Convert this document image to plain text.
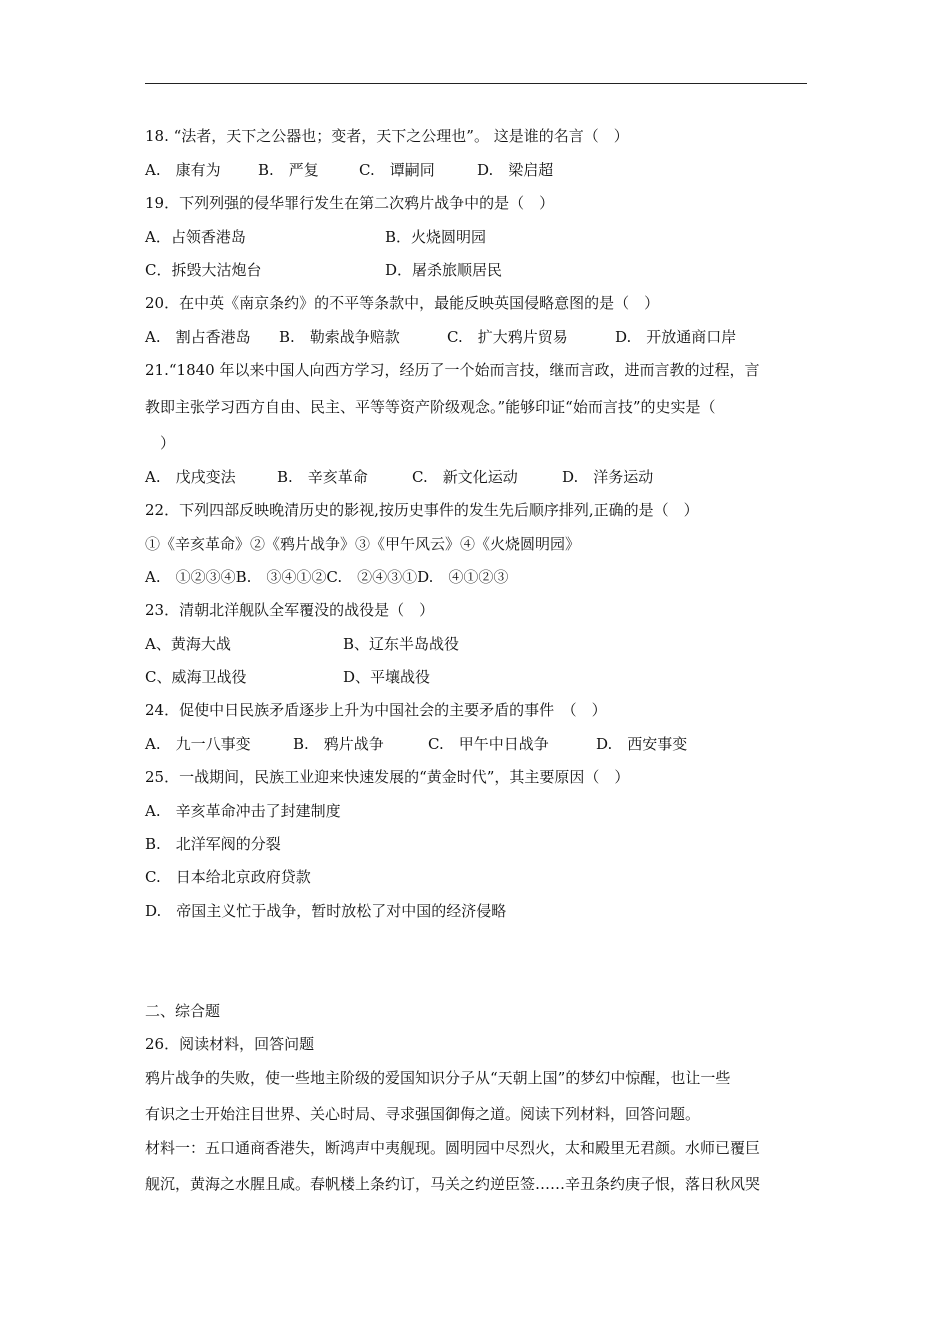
18. “法者，天下之公器也；变者，天下之公理也”。 这是谁的名言（　）
A.　康有为	B.　严复	C.　谭嗣同	D.　梁启超
19．下列列强的侵华罪行发生在第二次鸦片战争中的是（　）
A．占领香港岛	B．火烧圆明园
C．拆毁大沽炮台	D．屠杀旅顺居民
20．在中英《南京条约》的不平等条款中，最能反映英国侵略意图的是（　）
A.　割占香港岛	B.　勒索战争赔款	C.　扩大鸦片贸易	D.　开放通商口岸
21.“1840 年以来中国人向西方学习，经历了一个始而言技，继而言政，进而言教的过程，言
教即主张学习西方自由、民主、平等等资产阶级观念。”能够印证“始而言技”的史实是（
　）
A.　戊戌变法	B.　辛亥革命	C.　新文化运动	D.　洋务运动
22．下列四部反映晚清历史的影视,按历史事件的发生先后顺序排列,正确的是（　）
①《辛亥革命》②《鸦片战争》③《甲午风云》④《火烧圆明园》
A.　①②③④B.　③④①②C.　②④③①D.　④①②③
23．清朝北洋舰队全军覆没的战役是（　）
A、黄海大战	B、辽东半岛战役
C、威海卫战役	D、平壤战役
24．促使中日民族矛盾逐步上升为中国社会的主要矛盾的事件　（　）
A.　九一八事变	B.　鸦片战争	C.　甲午中日战争	D.　西安事变
25．一战期间，民族工业迎来快速发展的“黄金时代”，其主要原因（　）
A.　辛亥革命冲击了封建制度
B.　北洋军阀的分裂
C.　日本给北京政府贷款
D.　帝国主义忙于战争，暂时放松了对中国的经济侵略
二、综合题
26．阅读材料，回答问题
鸦片战争的失败，使一些地主阶级的爱国知识分子从“天朝上国”的梦幻中惊醒，也让一些
有识之士开始注目世界、关心时局、寻求强国御侮之道。阅读下列材料，回答问题。
材料一：五口通商香港失，断鸿声中夷舰现。圆明园中尽烈火，太和殿里无君颜。水师已覆巨
舰沉，黄海之水腥且咸。春帆楼上条约订，马关之约逆臣签……辛丑条约庚子恨，落日秋风哭
